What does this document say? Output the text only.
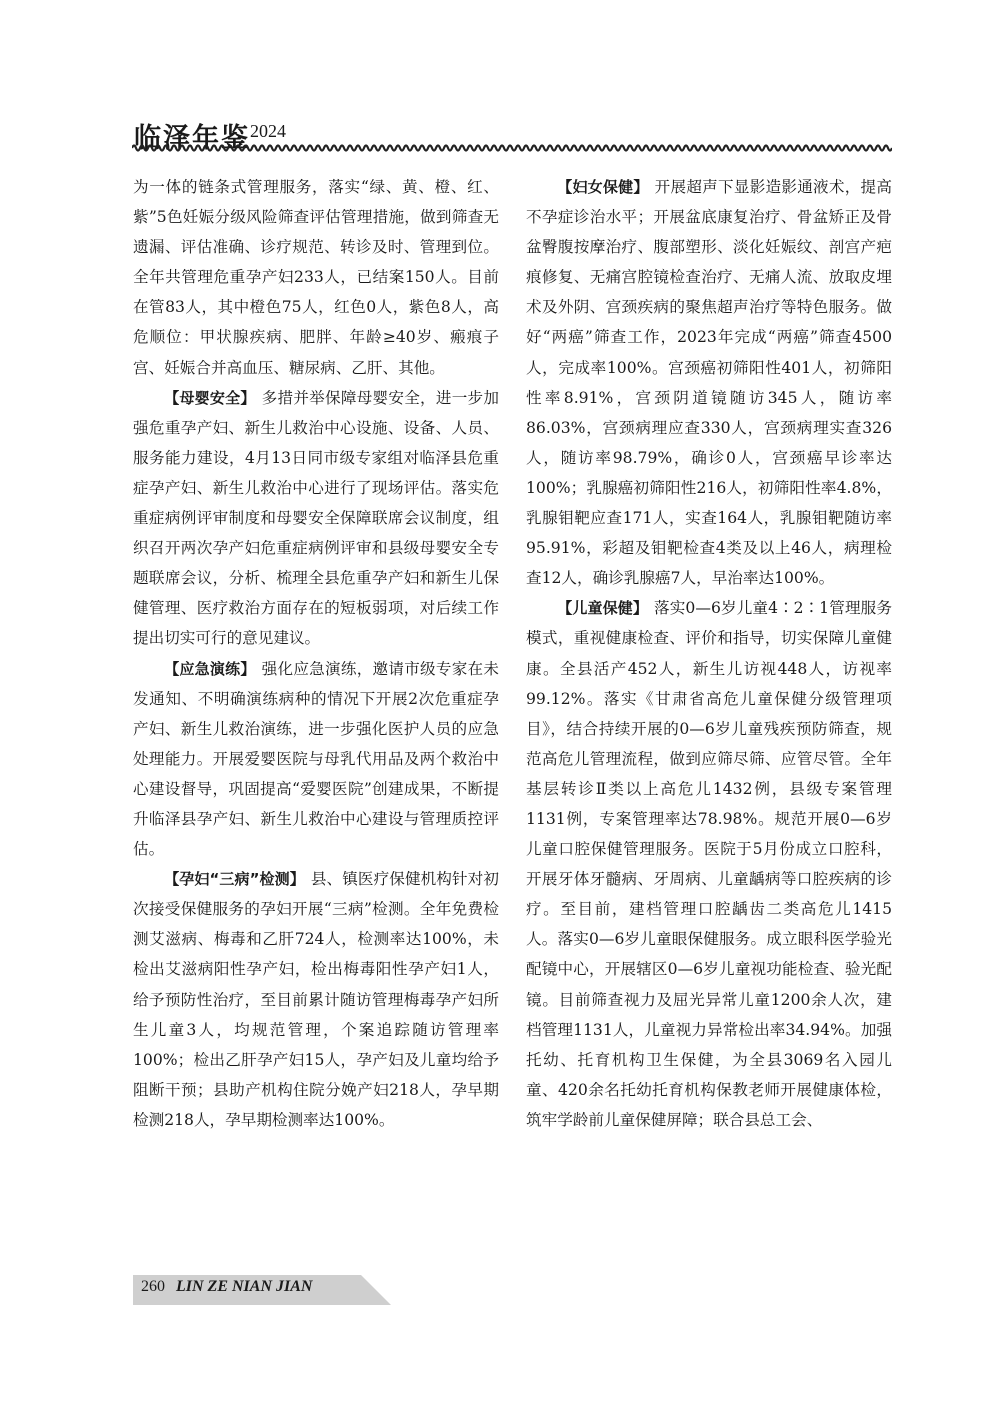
临泽年鉴 2024

为一体的链条式管理服务，落实“绿、黄、橙、红、紫”5色妊娠分级风险筛查评估管理措施，做到筛查无遗漏、评估准确、诊疗规范、转诊及时、管理到位。全年共管理危重孕产妇233人，已结案150人。目前在管83人，其中橙色75人，红色0人，紫色8人，高危顺位：甲状腺疾病、肥胖、年龄≥40岁、瘢痕子宫、妊娠合并高血压、糖尿病、乙肝、其他。

【 母婴安全 】 多措并举保障母婴安全，进一步加强危重孕产妇、新生儿救治中心设施、设备、人员、服务能力建设，4月13日同市级专家组对临泽县危重症孕产妇、新生儿救治中心进行了现场评估。落实危重症病例评审制度和母婴安全保障联席会议制度，组织召开两次孕产妇危重症病例评审和县级母婴安全专题联席会议，分析、梳理全县危重孕产妇和新生儿保健管理、医疗救治方面存在的短板弱项，对后续工作提出切实可行的意见建议。

【 应急演练 】 强化应急演练，邀请市级专家在未发通知、不明确演练病种的情况下开展2次危重症孕产妇、新生儿救治演练，进一步强化医护人员的应急处理能力。开展爱婴医院与母乳代用品及两个救治中心建设督导，巩固提高“爱婴医院”创建成果，不断提升临泽县孕产妇、新生儿救治中心建设与管理质控评估。

【 孕妇“三病”检测 】 县、镇医疗保健机构针对初次接受保健服务的孕妇开展“三病”检测。全年免费检测艾滋病、梅毒和乙肝724人，检测率达100%，未检出艾滋病阳性孕产妇，检出梅毒阳性孕产妇1人，给予预防性治疗，至目前累计随访管理梅毒孕产妇所生儿童3人，均规范管理，个案追踪随访管理率100%；检出乙肝孕产妇15人，孕产妇及儿童均给予阻断干预；县助产机构住院分娩产妇218人，孕早期检测218人，孕早期检测率达100%。

【 妇女保健 】 开展超声下显影造影通液术，提高不孕症诊治水平；开展盆底康复治疗、骨盆矫正及骨盆臀腹按摩治疗、腹部塑形、淡化妊娠纹、剖宫产疤痕修复、无痛宫腔镜检查治疗、无痛人流、放取皮埋术及外阴、宫颈疾病的聚焦超声治疗等特色服务。做好“两癌”筛查工作，2023年完成“两癌”筛查4500人，完成率100%。宫颈癌初筛阳性401人，初筛阳性率8.91%，宫颈阴道镜随访345人，随访率86.03%，宫颈病理应查330人，宫颈病理实查326人，随访率98.79%，确诊0人，宫颈癌早诊率达100%；乳腺癌初筛阳性216人，初筛阳性率4.8%，乳腺钼靶应查171人，实查164人，乳腺钼靶随访率95.91%，彩超及钼靶检查4类及以上46人，病理检查12人，确诊乳腺癌7人，早治率达100%。

【 儿童保健 】 落实0—6岁儿童4∶2∶1管理服务模式，重视健康检查、评价和指导，切实保障儿童健康。全县活产452人，新生儿访视448人，访视率99.12%。落实《甘肃省高危儿童保健分级管理项目》，结合持续开展的0—6岁儿童残疾预防筛查，规范高危儿管理流程，做到应筛尽筛、应管尽管。全年基层转诊Ⅱ类以上高危儿1432例，县级专案管理1131例，专案管理率达78.98%。规范开展0—6岁儿童口腔保健管理服务。医院于5月份成立口腔科，开展牙体牙髓病、牙周病、儿童龋病等口腔疾病的诊疗。至目前，建档管理口腔龋齿二类高危儿1415人。落实0—6岁儿童眼保健服务。成立眼科医学验光配镜中心，开展辖区0—6岁儿童视功能检查、验光配镜。目前筛查视力及屈光异常儿童1200余人次，建档管理1131人，儿童视力异常检出率34.94%。加强托幼、托育机构卫生保健，为全县3069名入园儿童、420余名托幼托育机构保教老师开展健康体检，筑牢学龄前儿童保健屏障；联合县总工会、

260 LIN ZE NIAN JIAN
